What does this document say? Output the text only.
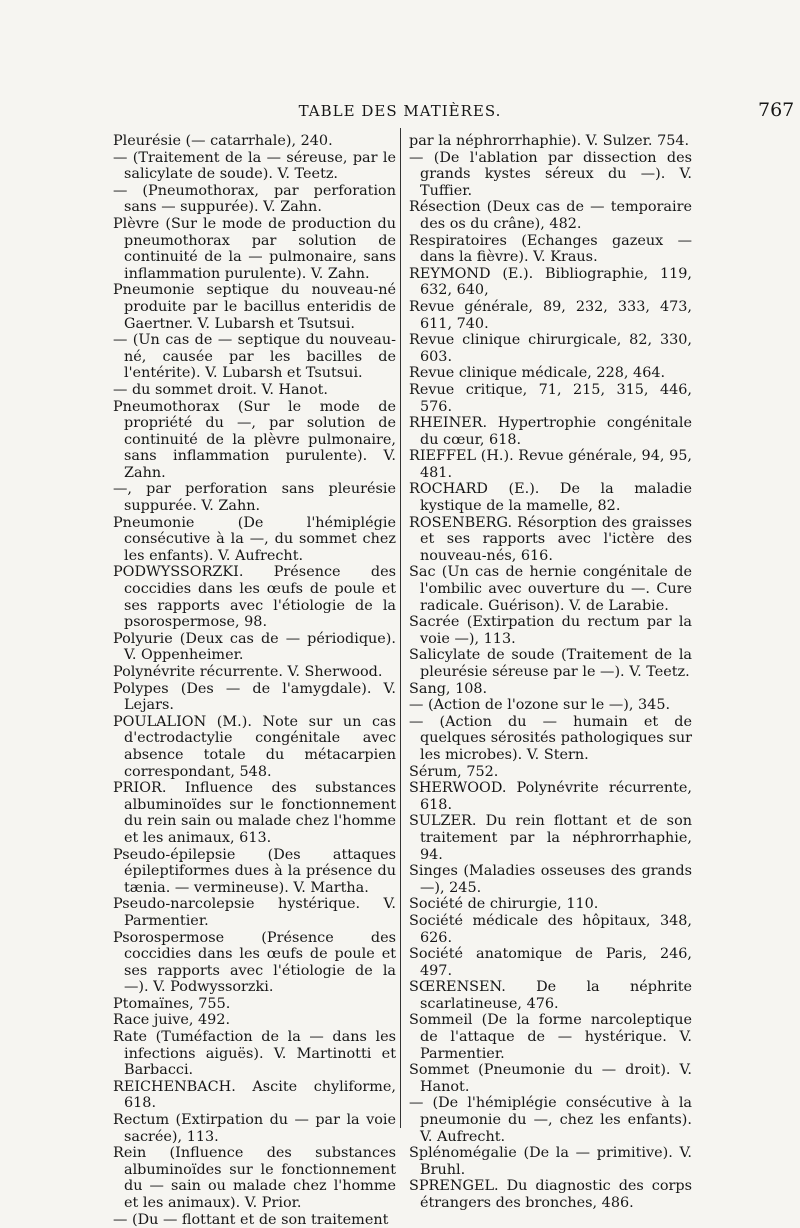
TABLE DES MATIÈRES.	767

Pleurésie (— catarrhale), 240.

— (Traitement de la — séreuse, par le salicylate de soude). V. Teetz.

— (Pneumothorax, par perforation sans — suppurée). V. Zahn.

Plèvre (Sur le mode de production du pneumothorax par solution de continuité de la — pulmonaire, sans inflammation purulente). V. Zahn.

Pneumonie septique du nouveau-né produite par le bacillus enteridis de Gaertner. V. Lubarsh et Tsutsui.

— (Un cas de — septique du nouveau-né, causée par les bacilles de l'entérite). V. Lubarsh et Tsutsui.

— du sommet droit. V. Hanot.

Pneumothorax (Sur le mode de propriété du —, par solution de continuité de la plèvre pulmonaire, sans inflammation purulente). V. Zahn.

—, par perforation sans pleurésie suppurée. V. Zahn.

Pneumonie (De l'hémiplégie consécutive à la —, du sommet chez les enfants). V. Aufrecht.

PODWYSSORZKI. Présence des coccidies dans les œufs de poule et ses rapports avec l'étiologie de la psorospermose, 98.

Polyurie (Deux cas de — périodique). V. Oppenheimer.

Polynévrite récurrente. V. Sherwood.

Polypes (Des — de l'amygdale). V. Lejars.

POULALION (M.). Note sur un cas d'ectrodactylie congénitale avec absence totale du métacarpien correspondant, 548.

PRIOR. Influence des substances albuminoïdes sur le fonctionnement du rein sain ou malade chez l'homme et les animaux, 613.

Pseudo-épilepsie (Des attaques épileptiformes dues à la présence du tænia. — vermineuse). V. Martha.

Pseudo-narcolepsie hystérique. V. Parmentier.

Psorospermose (Présence des coccidies dans les œufs de poule et ses rapports avec l'étiologie de la —). V. Podwyssorzki.

Ptomaïnes, 755.

Race juive, 492.

Rate (Tuméfaction de la — dans les infections aiguës). V. Martinotti et Barbacci.

REICHENBACH. Ascite chyliforme, 618.

Rectum (Extirpation du — par la voie sacrée), 113.

Rein (Influence des substances albuminoïdes sur le fonctionnement du — sain ou malade chez l'homme et les animaux). V. Prior.

— (Du — flottant et de son traitement

par la néphrorrhaphie). V. Sulzer. 754.

— (De l'ablation par dissection des grands kystes séreux du —). V. Tuffier.

Résection (Deux cas de — temporaire des os du crâne), 482.

Respiratoires (Echanges gazeux — dans la fièvre). V. Kraus.

REYMOND (E.). Bibliographie, 119, 632, 640,

Revue générale, 89, 232, 333, 473, 611, 740.

Revue clinique chirurgicale, 82, 330, 603.

Revue clinique médicale, 228, 464.

Revue critique, 71, 215, 315, 446, 576.

RHEINER. Hypertrophie congénitale du cœur, 618.

RIEFFEL (H.). Revue générale, 94, 95, 481.

ROCHARD (E.). De la maladie kystique de la mamelle, 82.

ROSENBERG. Résorption des graisses et ses rapports avec l'ictère des nouveau-nés, 616.

Sac (Un cas de hernie congénitale de l'ombilic avec ouverture du —. Cure radicale. Guérison). V. de Larabie.

Sacrée (Extirpation du rectum par la voie —), 113.

Salicylate de soude (Traitement de la pleurésie séreuse par le —). V. Teetz.

Sang, 108.

— (Action de l'ozone sur le —), 345.

— (Action du — humain et de quelques sérosités pathologiques sur les microbes). V. Stern.

Sérum, 752.

SHERWOOD. Polynévrite récurrente, 618.

SULZER. Du rein flottant et de son traitement par la néphrorrhaphie, 94.

Singes (Maladies osseuses des grands —), 245.

Société de chirurgie, 110.

Société médicale des hôpitaux, 348, 626.

Société anatomique de Paris, 246, 497.

SŒRENSEN. De la néphrite scarlatineuse, 476.

Sommeil (De la forme narcoleptique de l'attaque de — hystérique. V. Parmentier.

Sommet (Pneumonie du — droit). V. Hanot.

— (De l'hémiplégie consécutive à la pneumonie du —, chez les enfants). V. Aufrecht.

Splénomégalie (De la — primitive). V. Bruhl.

SPRENGEL. Du diagnostic des corps étrangers des bronches, 486.
